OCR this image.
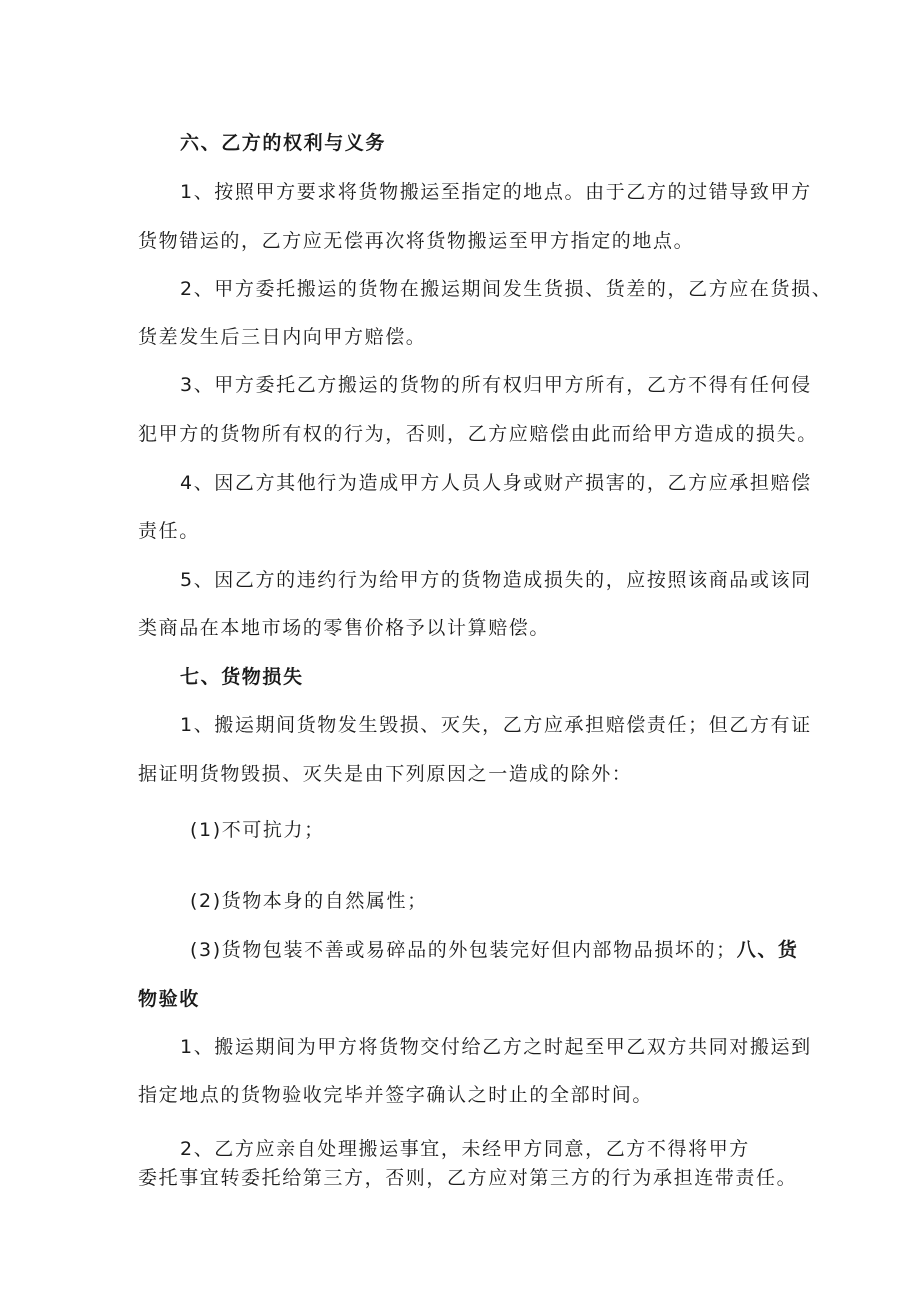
六、乙方的权利与义务
1、按照甲方要求将货物搬运至指定的地点。由于乙方的过错导致甲方
货物错运的，乙方应无偿再次将货物搬运至甲方指定的地点。
2、甲方委托搬运的货物在搬运期间发生货损、货差的，乙方应在货损、
货差发生后三日内向甲方赔偿。
3、甲方委托乙方搬运的货物的所有权归甲方所有，乙方不得有任何侵
犯甲方的货物所有权的行为，否则，乙方应赔偿由此而给甲方造成的损失。
4、因乙方其他行为造成甲方人员人身或财产损害的，乙方应承担赔偿
责任。
5、因乙方的违约行为给甲方的货物造成损失的，应按照该商品或该同
类商品在本地市场的零售价格予以计算赔偿。
七、货物损失
1、搬运期间货物发生毁损、灭失，乙方应承担赔偿责任；但乙方有证
据证明货物毁损、灭失是由下列原因之一造成的除外：
(1)不可抗力；
(2)货物本身的自然属性；
(3)货物包装不善或易碎品的外包装完好但内部物品损坏的；八、货
物验收
1、搬运期间为甲方将货物交付给乙方之时起至甲乙双方共同对搬运到
指定地点的货物验收完毕并签字确认之时止的全部时间。
2、乙方应亲自处理搬运事宜，未经甲方同意，乙方不得将甲方
委托事宜转委托给第三方，否则，乙方应对第三方的行为承担连带责任。
